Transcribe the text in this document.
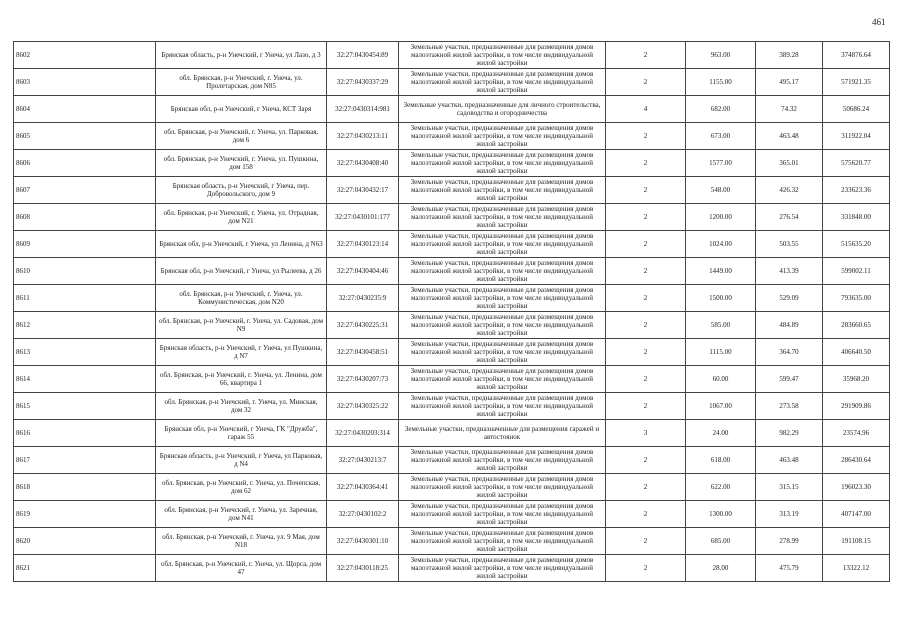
461
8602	Брянская область, р-н Унечский, г Унеча, ул Лазо, д 3	32:27:0430454:89	Земельные участки, предназначенные для размещения домов малоэтажной жилой застройки, в том числе индивидуальной жилой застройки	2	963.00	389.28	374876.64
8603	обл. Брянская, р-н Унечский, г. Унеча, ул. Пролетарская, дом N85	32:27:0430337:29	Земельные участки, предназначенные для размещения домов малоэтажной жилой застройки, в том числе индивидуальной жилой застройки	2	1155.00	495.17	571921.35
8604	Брянская обл, р-н Унечский, г Унеча, КСТ Заря	32:27:0430314:981	Земельные участки, предназначенные для личного строительства, садоводства и огородничества	4	682.00	74.32	50686.24
8605	обл. Брянская, р-н Унечский, г. Унеча, ул. Парковая, дом 6	32:27:0430213:11	Земельные участки, предназначенные для размещения домов малоэтажной жилой застройки, в том числе индивидуальной жилой застройки	2	673.00	463.48	311922.04
8606	обл. Брянская, р-н Унечский, г. Унеча, ул. Пушкина, дом 158	32:27:0430408:40	Земельные участки, предназначенные для размещения домов малоэтажной жилой застройки, в том числе индивидуальной жилой застройки	2	1577.00	365.01	575620.77
8607	Брянская область, р-н Унечский, г Унеча, пер. Добровольского, дом 9	32:27:0430432:17	Земельные участки, предназначенные для размещения домов малоэтажной жилой застройки, в том числе индивидуальной жилой застройки	2	548.00	426.32	233623.36
8608	обл. Брянская, р-н Унечский, г. Унеча, ул. Отрадная, дом N21	32:27:0430101:177	Земельные участки, предназначенные для размещения домов малоэтажной жилой застройки, в том числе индивидуальной жилой застройки	2	1200.00	276.54	331848.00
8609	Брянская обл, р-н Унечский, г Унеча, ул Ленина, д N63	32:27:0430123:14	Земельные участки, предназначенные для размещения домов малоэтажной жилой застройки, в том числе индивидуальной жилой застройки	2	1024.00	503.55	515635.20
8610	Брянская обл, р-н Унечский, г Унеча, ул Рылеева, д 26	32:27:0430404:46	Земельные участки, предназначенные для размещения домов малоэтажной жилой застройки, в том числе индивидуальной жилой застройки	2	1449.00	413.39	599002.11
8611	обл. Брянская, р-н Унечский, г. Унеча, ул. Коммунистическая, дом N20	32:27:0430235:9	Земельные участки, предназначенные для размещения домов малоэтажной жилой застройки, в том числе индивидуальной жилой застройки	2	1500.00	529.09	793635.00
8612	обл. Брянская, р-н Унечский, г. Унеча, ул. Садовая, дом N9	32:27:0430225:31	Земельные участки, предназначенные для размещения домов малоэтажной жилой застройки, в том числе индивидуальной жилой застройки	2	585.00	484.89	283660.65
8613	Брянская область, р-н Унечский, г Унеча, ул Пушкина, д N7	32:27:0430458:51	Земельные участки, предназначенные для размещения домов малоэтажной жилой застройки, в том числе индивидуальной жилой застройки	2	1115.00	364.70	406640.50
8614	обл. Брянская, р-н Унечский, г. Унеча, ул. Ленина, дом 66, квартира 1	32:27:0430207:73	Земельные участки, предназначенные для размещения домов малоэтажной жилой застройки, в том числе индивидуальной жилой застройки	2	60.00	599.47	35968.20
8615	обл. Брянская, р-н Унечский, г. Унеча, ул. Минская, дом 32	32:27:0430325:22	Земельные участки, предназначенные для размещения домов малоэтажной жилой застройки, в том числе индивидуальной жилой застройки	2	1067.00	273.58	291909.86
8616	Брянская обл, р-н Унечский, г Унеча, ГК "Дружба", гараж 55	32:27:0430203:314	Земельные участки, предназначенные для размещения гаражей и автостоянок	3	24.00	982.29	23574.96
8617	Брянская область, р-н Унечский, г Унеча, ул Парковая, д N4	32:27:0430213:7	Земельные участки, предназначенные для размещения домов малоэтажной жилой застройки, в том числе индивидуальной жилой застройки	2	618.00	463.48	286430.64
8618	обл. Брянская, р-н Унечский, г. Унеча, ул. Почепская, дом 62	32:27:0430364:41	Земельные участки, предназначенные для размещения домов малоэтажной жилой застройки, в том числе индивидуальной жилой застройки	2	622.00	315.15	196023.30
8619	обл. Брянская, р-н Унечский, г. Унеча, ул. Заречная, дом N41	32:27:0430102:2	Земельные участки, предназначенные для размещения домов малоэтажной жилой застройки, в том числе индивидуальной жилой застройки	2	1300.00	313.19	407147.00
8620	обл. Брянская, р-н Унечский, г. Унеча, ул. 9 Мая, дом N18	32:27:0430301:10	Земельные участки, предназначенные для размещения домов малоэтажной жилой застройки, в том числе индивидуальной жилой застройки	2	685.00	278.99	191108.15
8621	обл. Брянская, р-н Унечский, г. Унеча, ул. Щорса, дом 47	32:27:0430118:25	Земельные участки, предназначенные для размещения домов малоэтажной жилой застройки, в том числе индивидуальной жилой застройки	2	28.00	475.79	13322.12
